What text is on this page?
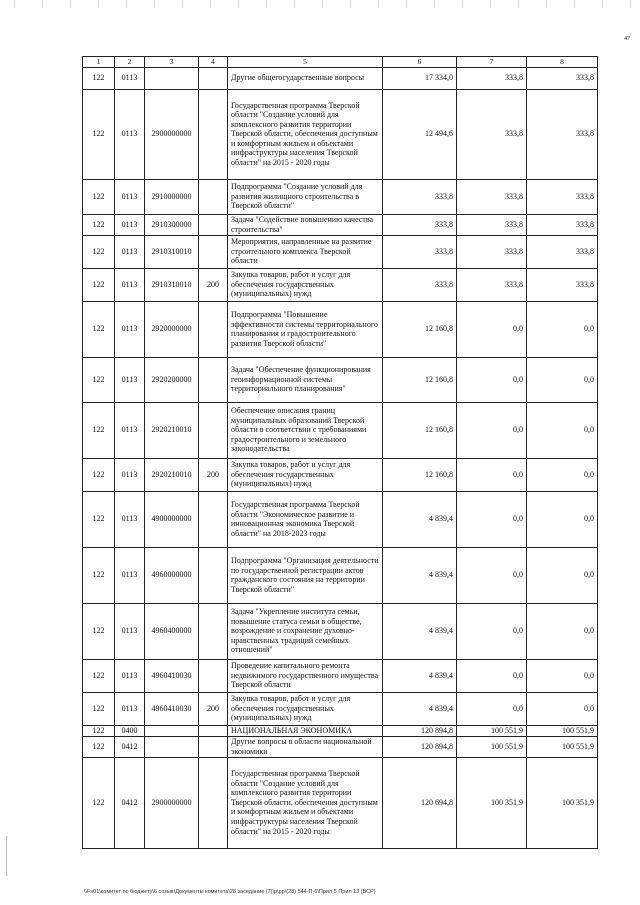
47
1	2	3	4	5	6	7	8
122	0113			Другие общегосударственные вопросы	17 334,0	333,8	333,8
122	0113	2900000000		Государственная программа Тверской области "Создание условий для комплексного развития территории Тверской области, обеспечения доступным и комфортным жильем и объектами инфраструктуры населения Тверской области" на 2015 - 2020 годы	12 494,6	333,8	333,8
122	0113	2910000000		Подпрограмма "Создание условий для развития жилищного строительства в Тверской области"	333,8	333,8	333,8
122	0113	2910300000		Задача "Содействие повышению качества строительства"	333,8	333,8	333,8
122	0113	2910310010		Мероприятия, направленные на развитие строительного комплекса Тверской области	333,8	333,8	333,8
122	0113	2910310010	200	Закупка товаров, работ и услуг для обеспечения государственных (муниципальных) нужд	333,8	333,8	333,8
122	0113	2920000000		Подпрограмма "Повышение эффективности системы территориального планирования и градостроительного развития Тверской области"	12 160,8	0,0	0,0
122	0113	2920200000		Задача "Обеспечение функционирования геоинформационной системы территориального планирования"	12 160,8	0,0	0,0
122	0113	2920210010		Обеспечение описания границ муниципальных образований Тверской области в соответствии с требованиями градостроительного и земельного законодательства	12 160,8	0,0	0,0
122	0113	2920210010	200	Закупка товаров, работ и услуг для обеспечения государственных (муниципальных) нужд	12 160,8	0,0	0,0
122	0113	4900000000		Государственная программа Тверской области "Экономическое развитие и инновационная экономика Тверской области" на 2018-2023 годы	4 839,4	0,0	0,0
122	0113	4960000000		Подпрограмма "Организация деятельности по государственной регистрации актов гражданского состояния на территории Тверской области"	4 839,4	0,0	0,0
122	0113	4960400000		Задача "Укрепление института семьи, повышение статуса семьи в обществе, возрождение и сохранение духовно-нравственных традиций семейных отношений"	4 839,4	0,0	0,0
122	0113	4960410030		Проведение капитального ремонта недвижимого государственного имущества Тверской области	4 839,4	0,0	0,0
122	0113	4960410030	200	Закупка товаров, работ и услуг для обеспечения государственных (муниципальных) нужд	4 839,4	0,0	0,0
122	0400			НАЦИОНАЛЬНАЯ ЭКОНОМИКА	120 894,8	100 551,9	100 551,9
122	0412			Другие вопросы в области национальной экономики	120 894,8	100 551,9	100 551,9
122	0412	2900000000		Государственная программа Тверской области "Создание условий для комплексного развития территории Тверской области, обеспечения доступным и комфортным жильем и объектами инфраструктуры населения Тверской области" на 2015 - 2020 годы	120 694,8	100 351,9	100 351,9
\\Fs01\комитет по бюджету\6 созыв\Документы комитета\28 заседание (7)\р\рр\(28) 544-П-6\Прил 5 Прил 13 (ВСР)
